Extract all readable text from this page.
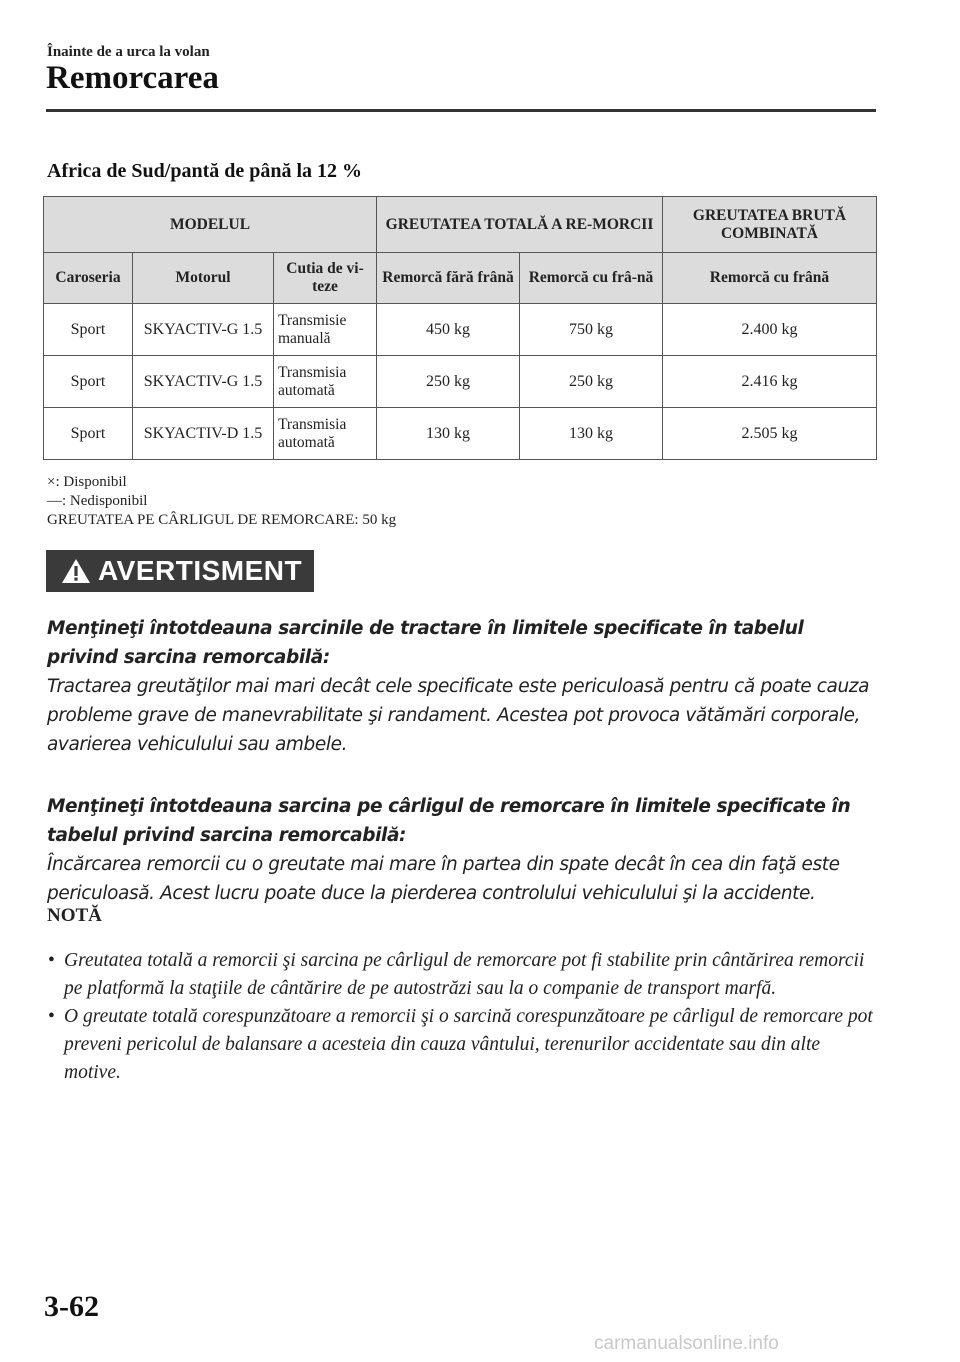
Înainte de a urca la volan
Remorcarea
Africa de Sud/pantă de până la 12 %
MODELUL			GREUTATEA TOTALĂ A RE-MORCII		GREUTATEA BRUTĂ COMBINATĂ
Caroseria	Motorul	Cutia de vi-teze	Remorcă fără frână	Remorcă cu frâ-nă	Remorcă cu frână
Sport	SKYACTIV-G 1.5	Transmisie manuală	450 kg	750 kg	2.400 kg
Sport	SKYACTIV-G 1.5	Transmisia automată	250 kg	250 kg	2.416 kg
Sport	SKYACTIV-D 1.5	Transmisia automată	130 kg	130 kg	2.505 kg
×: Disponibil
—: Nedisponibil
GREUTATEA PE CÂRLIGUL DE REMORCARE: 50 kg
AVERTISMENT

Menţineţi întotdeauna sarcinile de tractare în limitele specificate în tabelul privind sarcina remorcabilă:

Tractarea greutăţilor mai mari decât cele specificate este periculoasă pentru că poate cauza probleme grave de manevrabilitate şi randament. Acestea pot provoca vătămări corporale, avarierea vehiculului sau ambele.

Menţineţi întotdeauna sarcina pe cârligul de remorcare în limitele specificate în tabelul privind sarcina remorcabilă:

Încărcarea remorcii cu o greutate mai mare în partea din spate decât în cea din faţă este periculoasă. Acest lucru poate duce la pierderea controlului vehiculului şi la accidente.

NOTĂ
• Greutatea totală a remorcii şi sarcina pe cârligul de remorcare pot fi stabilite prin cântărirea remorcii pe platformă la staţiile de cântărire de pe autostrăzi sau la o companie de transport marfă.
• O greutate totală corespunzătoare a remorcii şi o sarcină corespunzătoare pe cârligul de remorcare pot preveni pericolul de balansare a acesteia din cauza vântului, terenurilor accidentate sau din alte motive.
3-62
carmanualsonline.info
